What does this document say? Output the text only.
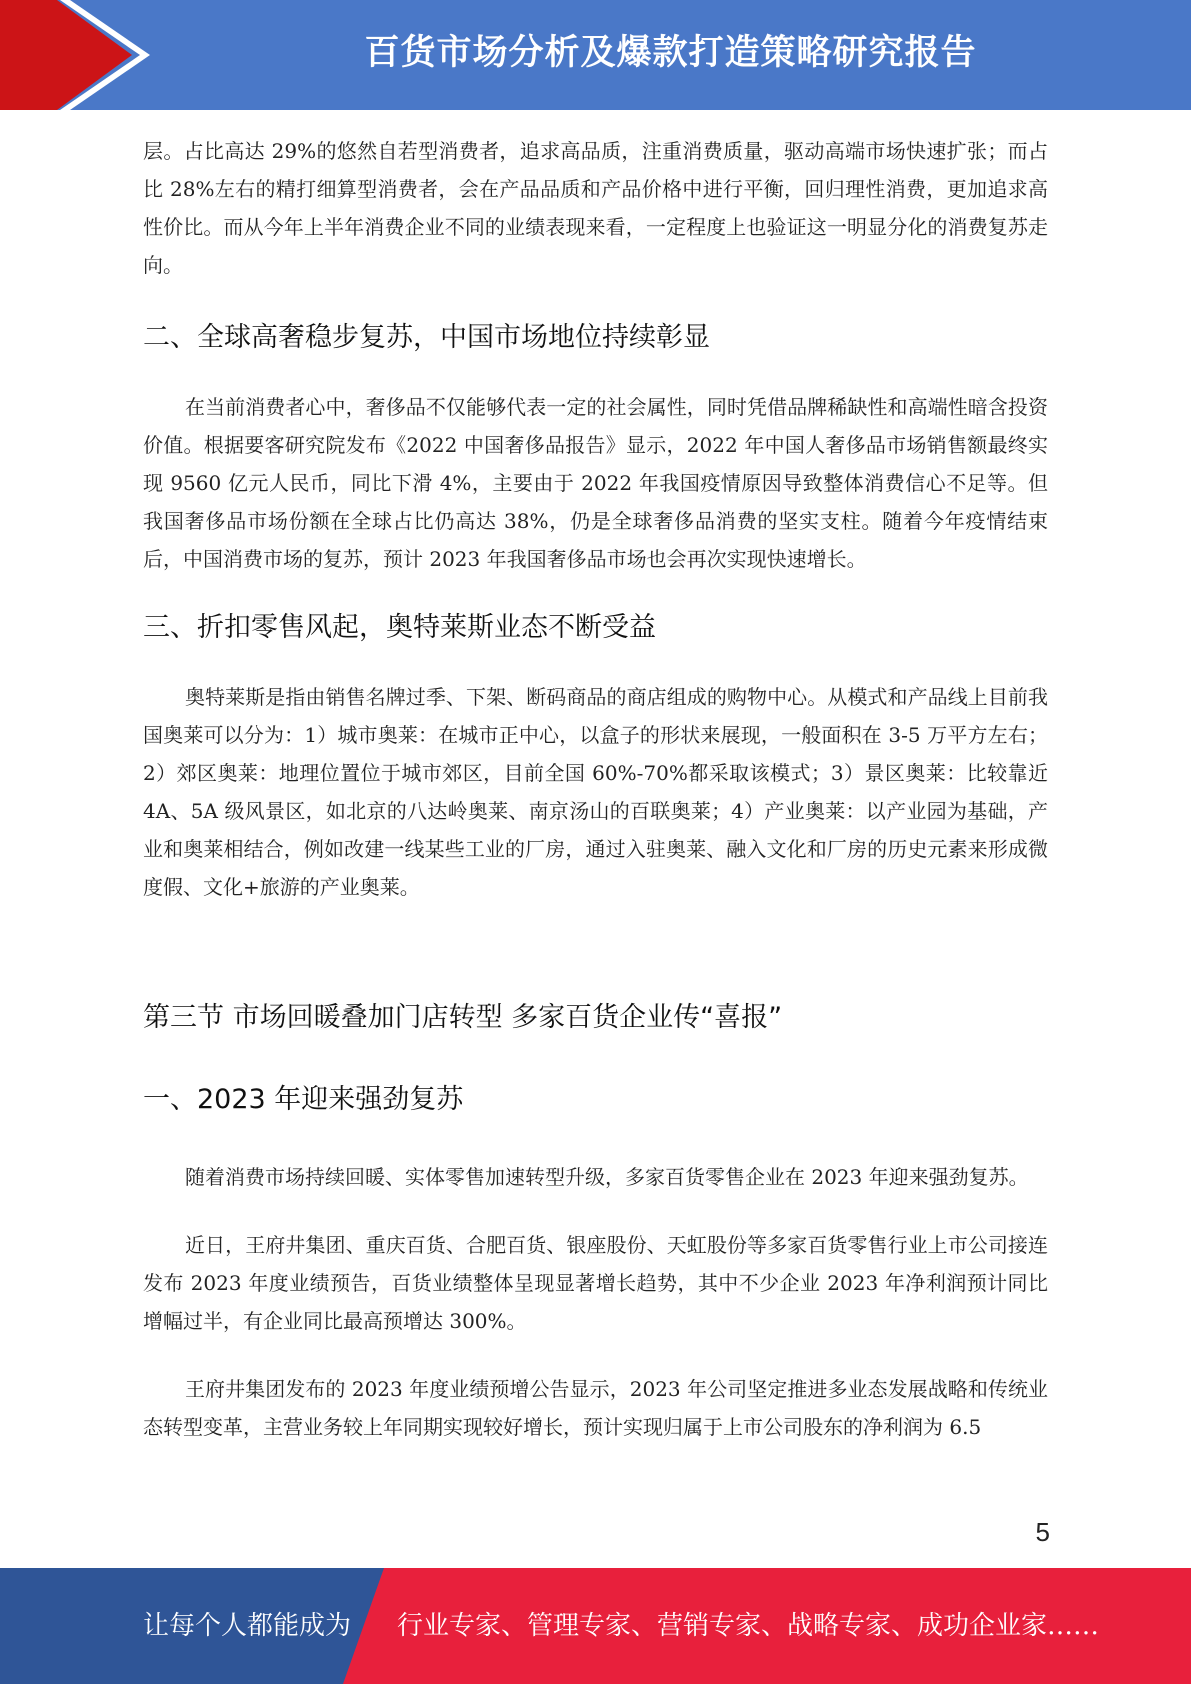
百货市场分析及爆款打造策略研究报告

层。占比高达 29%的悠然自若型消费者，追求高品质，注重消费质量，驱动高端市场快速扩张；而占比 28%左右的精打细算型消费者，会在产品品质和产品价格中进行平衡，回归理性消费，更加追求高性价比。而从今年上半年消费企业不同的业绩表现来看，一定程度上也验证这一明显分化的消费复苏走向。

二、全球高奢稳步复苏，中国市场地位持续彰显

在当前消费者心中，奢侈品不仅能够代表一定的社会属性，同时凭借品牌稀缺性和高端性暗含投资价值。根据要客研究院发布《2022 中国奢侈品报告》显示，2022 年中国人奢侈品市场销售额最终实现 9560 亿元人民币，同比下滑 4%，主要由于 2022 年我国疫情原因导致整体消费信心不足等。但我国奢侈品市场份额在全球占比仍高达 38%，仍是全球奢侈品消费的坚实支柱。随着今年疫情结束后，中国消费市场的复苏，预计 2023 年我国奢侈品市场也会再次实现快速增长。

三、折扣零售风起，奥特莱斯业态不断受益

奥特莱斯是指由销售名牌过季、下架、断码商品的商店组成的购物中心。从模式和产品线上目前我国奥莱可以分为：1）城市奥莱：在城市正中心，以盒子的形状来展现，一般面积在 3-5 万平方左右；2）郊区奥莱：地理位置位于城市郊区，目前全国 60%-70%都采取该模式；3）景区奥莱：比较靠近 4A、5A 级风景区，如北京的八达岭奥莱、南京汤山的百联奥莱；4）产业奥莱：以产业园为基础，产业和奥莱相结合，例如改建一线某些工业的厂房，通过入驻奥莱、融入文化和厂房的历史元素来形成微度假、文化+旅游的产业奥莱。

第三节 市场回暖叠加门店转型 多家百货企业传“喜报”
一、2023 年迎来强劲复苏

随着消费市场持续回暖、实体零售加速转型升级，多家百货零售企业在 2023 年迎来强劲复苏。

近日，王府井集团、重庆百货、合肥百货、银座股份、天虹股份等多家百货零售行业上市公司接连发布 2023 年度业绩预告，百货业绩整体呈现显著增长趋势，其中不少企业 2023 年净利润预计同比增幅过半，有企业同比最高预增达 300%。

王府井集团发布的 2023 年度业绩预增公告显示，2023 年公司坚定推进多业态发展战略和传统业态转型变革，主营业务较上年同期实现较好增长，预计实现归属于上市公司股东的净利润为 6.5

5
让每个人都能成为 行业专家、管理专家、营销专家、战略专家、成功企业家……
